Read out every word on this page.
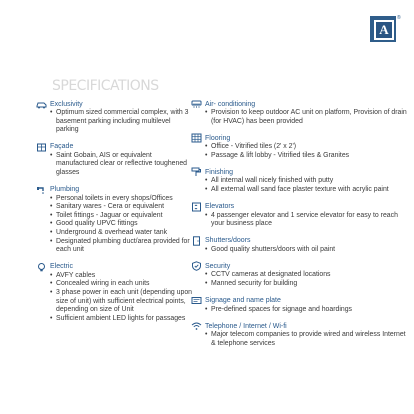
A
®
SPECIFICATIONS
Exclusivity
• Optimum sized commercial complex, with 3 basement parking including multilevel parking
Façade
• Saint Gobain, AIS or equivalent manufactured clear or reflective toughened glasses
Plumbing
• Personal toilets in every shops/Offices
• Sanitary wares - Cera or equivalent
• Toilet fittings - Jaguar or equivalent
• Good quality UPVC fittings
• Underground & overhead water tank
• Designated plumbing duct/area provided for each unit
Electric
• AVFY cables
• Concealed wiring in each units
• 3 phase power in each unit (depending upon size of unit) with sufficient electrical points, depending on size of Unit
• Sufficient ambient LED lights for passages
Air- conditioning
• Provision to keep outdoor AC unit on platform, Provision of drain (for HVAC) has been provided
Flooring
• Office - Vitrified tiles (2' x 2')
• Passage & lift lobby - Vitrified tiles & Granites
Finishing
• All internal wall nicely finished with putty
• All external wall sand face plaster texture with acrylic paint
Elevators
• 4 passenger elevator and 1 service elevator for easy to reach your business place
Shutters/doors
• Good quality shutters/doors with oil paint
Security
• CCTV cameras at designated locations
• Manned security for building
Signage and name plate
• Pre-defined spaces for signage and hoardings
Telephone / Internet / Wi-fi
• Major telecom companies to provide wired and wireless Internet & telephone services
